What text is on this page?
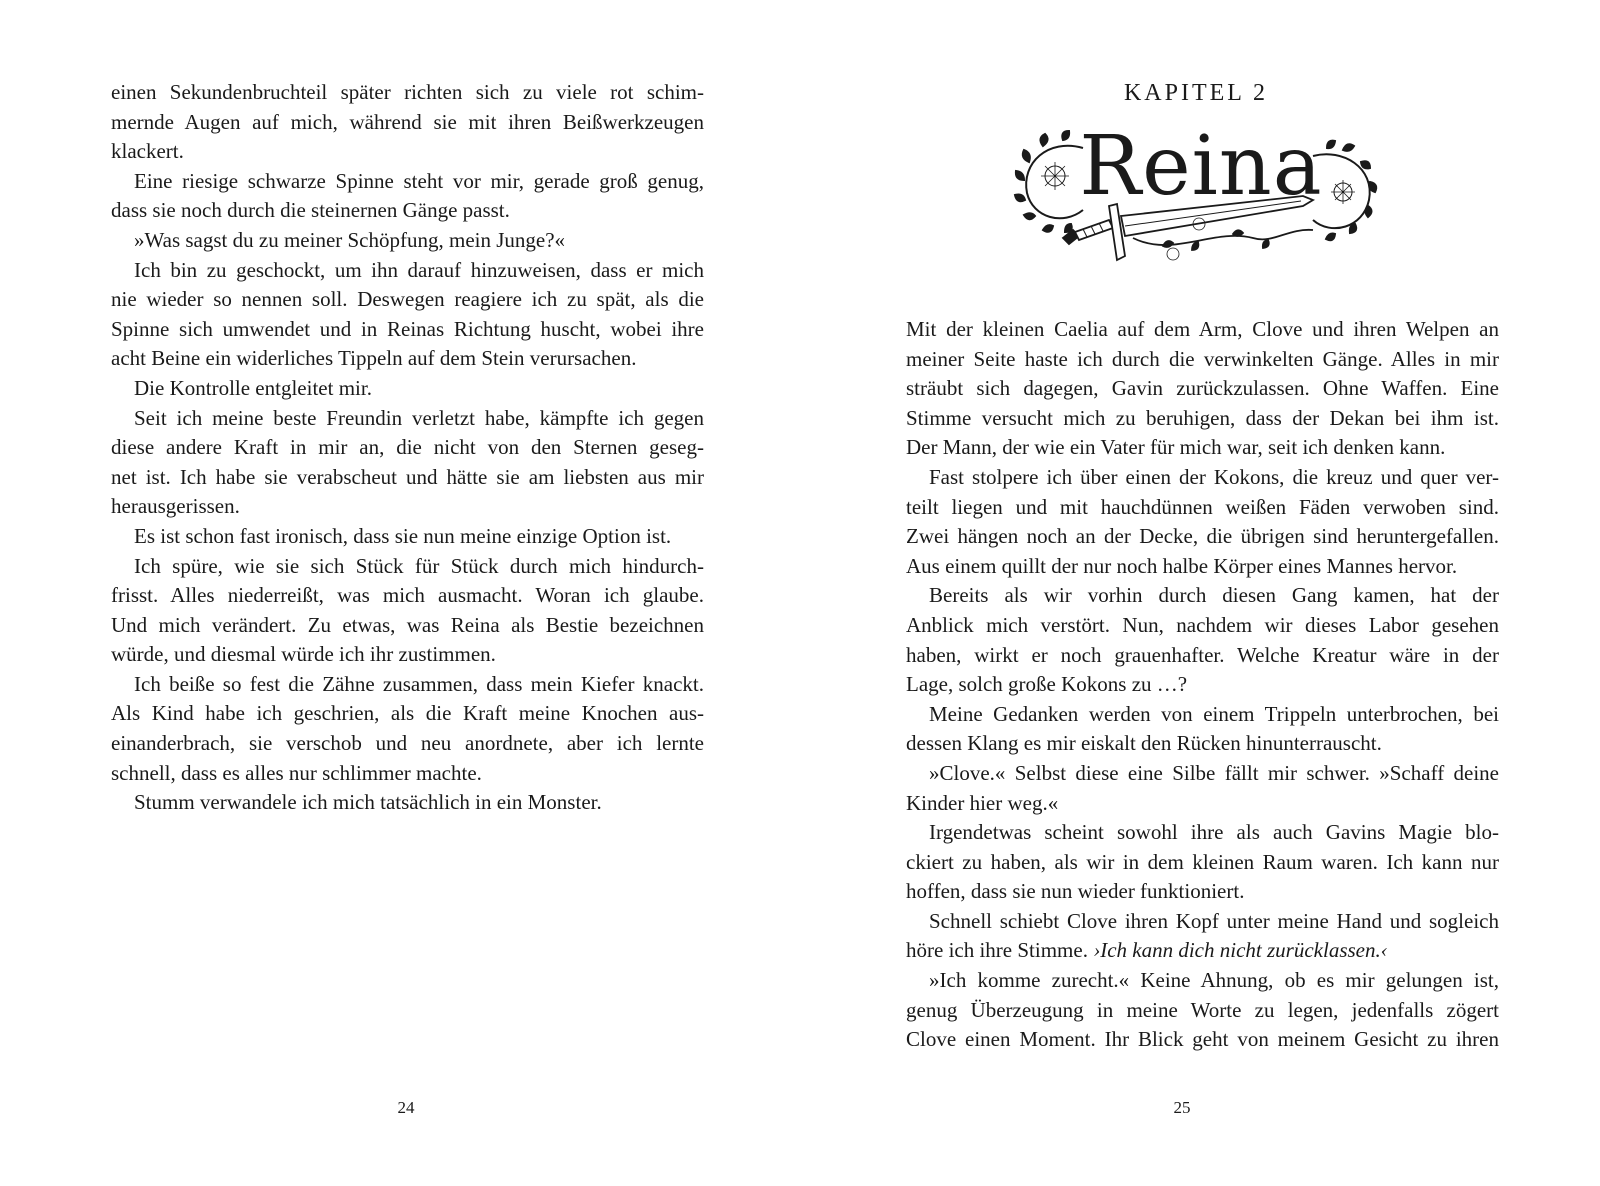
einen Sekundenbruchteil später richten sich zu viele rot schim-
mernde Augen auf mich, während sie mit ihren Beißwerkzeugen
klackert.
Eine riesige schwarze Spinne steht vor mir, gerade groß genug,
dass sie noch durch die steinernen Gänge passt.
»Was sagst du zu meiner Schöpfung, mein Junge?«
Ich bin zu geschockt, um ihn darauf hinzuweisen, dass er mich
nie wieder so nennen soll. Deswegen reagiere ich zu spät, als die
Spinne sich umwendet und in Reinas Richtung huscht, wobei ihre
acht Beine ein widerliches Tippeln auf dem Stein verursachen.
Die Kontrolle entgleitet mir.
Seit ich meine beste Freundin verletzt habe, kämpfte ich gegen
diese andere Kraft in mir an, die nicht von den Sternen geseg-
net ist. Ich habe sie verabscheut und hätte sie am liebsten aus mir
herausgerissen.
Es ist schon fast ironisch, dass sie nun meine einzige Option ist.
Ich spüre, wie sie sich Stück für Stück durch mich hindurch-
frisst. Alles niederreißt, was mich ausmacht. Woran ich glaube.
Und mich verändert. Zu etwas, was Reina als Bestie bezeichnen
würde, und diesmal würde ich ihr zustimmen.
Ich beiße so fest die Zähne zusammen, dass mein Kiefer knackt.
Als Kind habe ich geschrien, als die Kraft meine Knochen aus-
einanderbrach, sie verschob und neu anordnete, aber ich lernte
schnell, dass es alles nur schlimmer machte.
Stumm verwandele ich mich tatsächlich in ein Monster.
24
KAPITEL 2
Reina
Mit der kleinen Caelia auf dem Arm, Clove und ihren Welpen an
meiner Seite haste ich durch die verwinkelten Gänge. Alles in mir
sträubt sich dagegen, Gavin zurückzulassen. Ohne Waffen. Eine
Stimme versucht mich zu beruhigen, dass der Dekan bei ihm ist.
Der Mann, der wie ein Vater für mich war, seit ich denken kann.
Fast stolpere ich über einen der Kokons, die kreuz und quer ver-
teilt liegen und mit hauchdünnen weißen Fäden verwoben sind.
Zwei hängen noch an der Decke, die übrigen sind heruntergefallen.
Aus einem quillt der nur noch halbe Körper eines Mannes hervor.
Bereits als wir vorhin durch diesen Gang kamen, hat der
Anblick mich verstört. Nun, nachdem wir dieses Labor gesehen
haben, wirkt er noch grauenhafter. Welche Kreatur wäre in der
Lage, solch große Kokons zu …?
Meine Gedanken werden von einem Trippeln unterbrochen, bei
dessen Klang es mir eiskalt den Rücken hinunterrauscht.
»Clove.« Selbst diese eine Silbe fällt mir schwer. »Schaff deine
Kinder hier weg.«
Irgendetwas scheint sowohl ihre als auch Gavins Magie blo-
ckiert zu haben, als wir in dem kleinen Raum waren. Ich kann nur
hoffen, dass sie nun wieder funktioniert.
Schnell schiebt Clove ihren Kopf unter meine Hand und sogleich
höre ich ihre Stimme. ›Ich kann dich nicht zurücklassen.‹
»Ich komme zurecht.« Keine Ahnung, ob es mir gelungen ist,
genug Überzeugung in meine Worte zu legen, jedenfalls zögert
Clove einen Moment. Ihr Blick geht von meinem Gesicht zu ihren
25
